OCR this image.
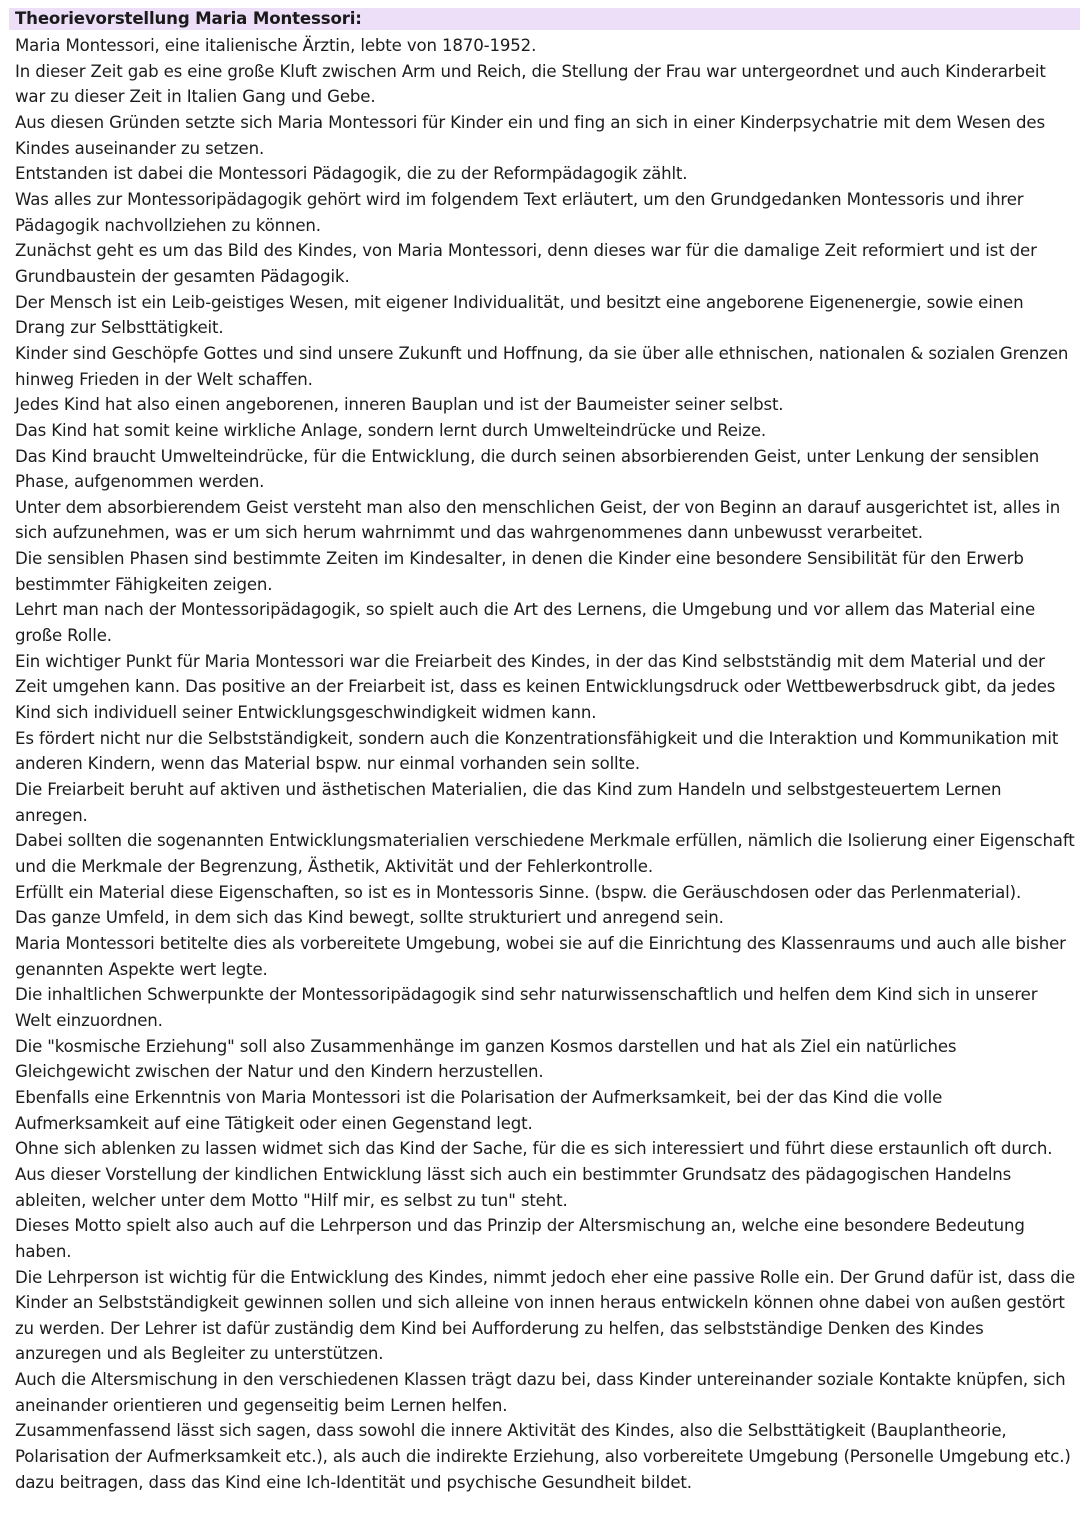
Theorievorstellung Maria Montessori:

Maria Montessori, eine italienische Ärztin, lebte von 1870-1952.

In dieser Zeit gab es eine große Kluft zwischen Arm und Reich, die Stellung der Frau war untergeordnet und auch Kinderarbeit war zu dieser Zeit in Italien Gang und Gebe.

Aus diesen Gründen setzte sich Maria Montessori für Kinder ein und fing an sich in einer Kinderpsychatrie mit dem Wesen des Kindes auseinander zu setzen.

Entstanden ist dabei die Montessori Pädagogik, die zu der Reformpädagogik zählt.

Was alles zur Montessoripädagogik gehört wird im folgendem Text erläutert, um den Grundgedanken Montessoris und ihrer Pädagogik nachvollziehen zu können.

Zunächst geht es um das Bild des Kindes, von Maria Montessori, denn dieses war für die damalige Zeit reformiert und ist der Grundbaustein der gesamten Pädagogik.

Der Mensch ist ein Leib-geistiges Wesen, mit eigener Individualität, und besitzt eine angeborene Eigenenergie, sowie einen Drang zur Selbsttätigkeit.

Kinder sind Geschöpfe Gottes und sind unsere Zukunft und Hoffnung, da sie über alle ethnischen, nationalen & sozialen Grenzen hinweg Frieden in der Welt schaffen.

Jedes Kind hat also einen angeborenen, inneren Bauplan und ist der Baumeister seiner selbst.

Das Kind hat somit keine wirkliche Anlage, sondern lernt durch Umwelteindrücke und Reize.

Das Kind braucht Umwelteindrücke, für die Entwicklung, die durch seinen absorbierenden Geist, unter Lenkung der sensiblen Phase, aufgenommen werden.

Unter dem absorbierendem Geist versteht man also den menschlichen Geist, der von Beginn an darauf ausgerichtet ist, alles in sich aufzunehmen, was er um sich herum wahrnimmt und das wahrgenommenes dann unbewusst verarbeitet.

Die sensiblen Phasen sind bestimmte Zeiten im Kindesalter, in denen die Kinder eine besondere Sensibilität für den Erwerb bestimmter Fähigkeiten zeigen.

Lehrt man nach der Montessoripädagogik, so spielt auch die Art des Lernens, die Umgebung und vor allem das Material eine große Rolle.

Ein wichtiger Punkt für Maria Montessori war die Freiarbeit des Kindes, in der das Kind selbstständig mit dem Material und der Zeit umgehen kann. Das positive an der Freiarbeit ist, dass es keinen Entwicklungsdruck oder Wettbewerbsdruck gibt, da jedes Kind sich individuell seiner Entwicklungsgeschwindigkeit widmen kann.

Es fördert nicht nur die Selbstständigkeit, sondern auch die Konzentrationsfähigkeit und die Interaktion und Kommunikation mit anderen Kindern, wenn das Material bspw. nur einmal vorhanden sein sollte.

Die Freiarbeit beruht auf aktiven und ästhetischen Materialien, die das Kind zum Handeln und selbstgesteuertem Lernen anregen.

Dabei sollten die sogenannten Entwicklungsmaterialien verschiedene Merkmale erfüllen, nämlich die Isolierung einer Eigenschaft und die Merkmale der Begrenzung, Ästhetik, Aktivität und der Fehlerkontrolle.

Erfüllt ein Material diese Eigenschaften, so ist es in Montessoris Sinne. (bspw. die Geräuschdosen oder das Perlenmaterial).

Das ganze Umfeld, in dem sich das Kind bewegt, sollte strukturiert und anregend sein.

Maria Montessori betitelte dies als vorbereitete Umgebung, wobei sie auf die Einrichtung des Klassenraums und auch alle bisher genannten Aspekte wert legte.

Die inhaltlichen Schwerpunkte der Montessoripädagogik sind sehr naturwissenschaftlich und helfen dem Kind sich in unserer Welt einzuordnen.

Die "kosmische Erziehung" soll also Zusammenhänge im ganzen Kosmos darstellen und hat als Ziel ein natürliches Gleichgewicht zwischen der Natur und den Kindern herzustellen.

Ebenfalls eine Erkenntnis von Maria Montessori ist die Polarisation der Aufmerksamkeit, bei der das Kind die volle Aufmerksamkeit auf eine Tätigkeit oder einen Gegenstand legt.

Ohne sich ablenken zu lassen widmet sich das Kind der Sache, für die es sich interessiert und führt diese erstaunlich oft durch.

Aus dieser Vorstellung der kindlichen Entwicklung lässt sich auch ein bestimmter Grundsatz des pädagogischen Handelns ableiten, welcher unter dem Motto "Hilf mir, es selbst zu tun" steht.

Dieses Motto spielt also auch auf die Lehrperson und das Prinzip der Altersmischung an, welche eine besondere Bedeutung haben.

Die Lehrperson ist wichtig für die Entwicklung des Kindes, nimmt jedoch eher eine passive Rolle ein. Der Grund dafür ist, dass die Kinder an Selbstständigkeit gewinnen sollen und sich alleine von innen heraus entwickeln können ohne dabei von außen gestört zu werden. Der Lehrer ist dafür zuständig dem Kind bei Aufforderung zu helfen, das selbstständige Denken des Kindes anzuregen und als Begleiter zu unterstützen.

Auch die Altersmischung in den verschiedenen Klassen trägt dazu bei, dass Kinder untereinander soziale Kontakte knüpfen, sich aneinander orientieren und gegenseitig beim Lernen helfen.

Zusammenfassend lässt sich sagen, dass sowohl die innere Aktivität des Kindes, also die Selbsttätigkeit (Bauplantheorie, Polarisation der Aufmerksamkeit etc.), als auch die indirekte Erziehung, also vorbereitete Umgebung (Personelle Umgebung etc.) dazu beitragen, dass das Kind eine Ich-Identität und psychische Gesundheit bildet.
